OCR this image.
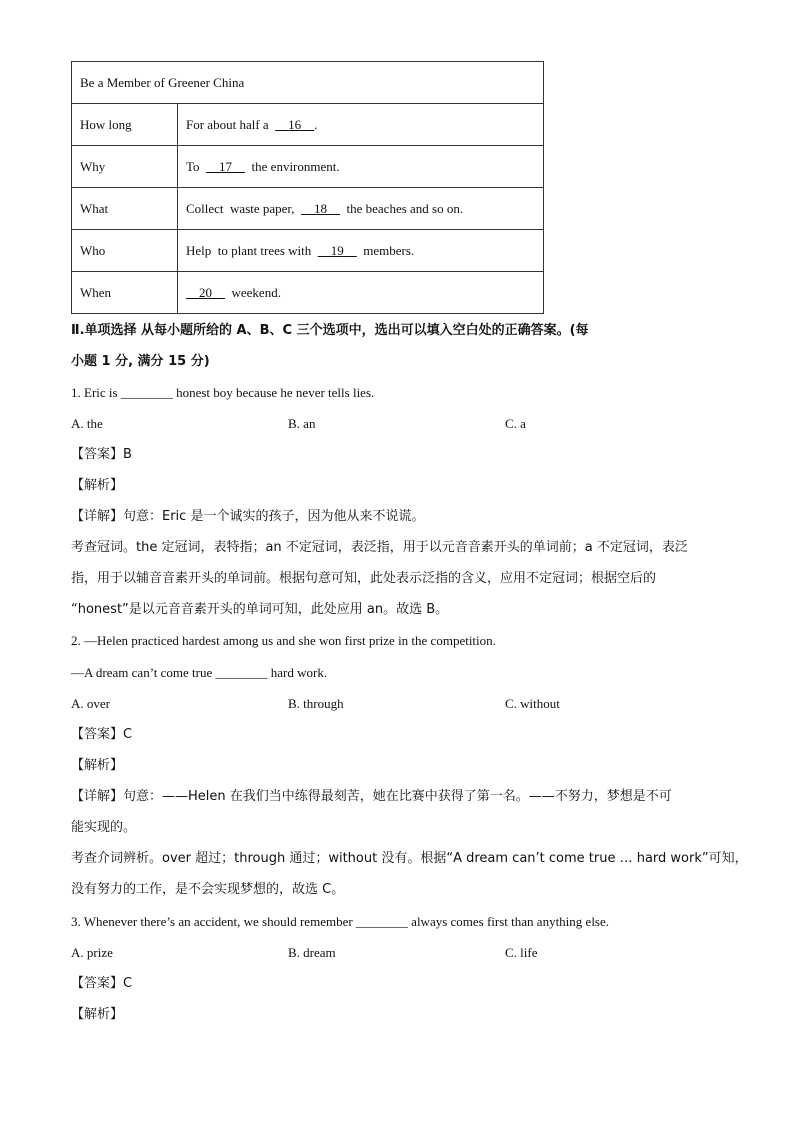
Be a Member of Greener China	
How long	For about half a      16 .
Why	To      17      the environment.
What	Collect  waste paper,      18      the beaches and so on.
Who	Help  to plant trees with      19      members.
When	20      weekend.
Ⅱ.单项选择 从每小题所给的 A、B、C 三个选项中，选出可以填入空白处的正确答案。(每
小题 1 分, 满分 15 分)
1. Eric is ________ honest boy because he never tells lies.
A. the	B. an	C. a
【答案】B
【解析】
【详解】句意：Eric 是一个诚实的孩子，因为他从来不说谎。
考查冠词。the 定冠词，表特指；an 不定冠词，表泛指，用于以元音音素开头的单词前；a 不定冠词，表泛
指，用于以辅音音素开头的单词前。根据句意可知，此处表示泛指的含义，应用不定冠词；根据空后的
“honest”是以元音音素开头的单词可知，此处应用 an。故选 B。
2. —Helen practiced hardest among us and she won first prize in the competition.
—A dream can’t come true ________ hard work.
A. over	B. through	C. without
【答案】C
【解析】
【详解】句意：——Helen 在我们当中练得最刻苦，她在比赛中获得了第一名。——不努力，梦想是不可
能实现的。
考查介词辨析。over 超过；through 通过；without 没有。根据“A dream can’t come true … hard work”可知，
没有努力的工作，是不会实现梦想的，故选 C。
3. Whenever there’s an accident, we should remember ________ always comes first than anything else.
A. prize	B. dream	C. life
【答案】C
【解析】
